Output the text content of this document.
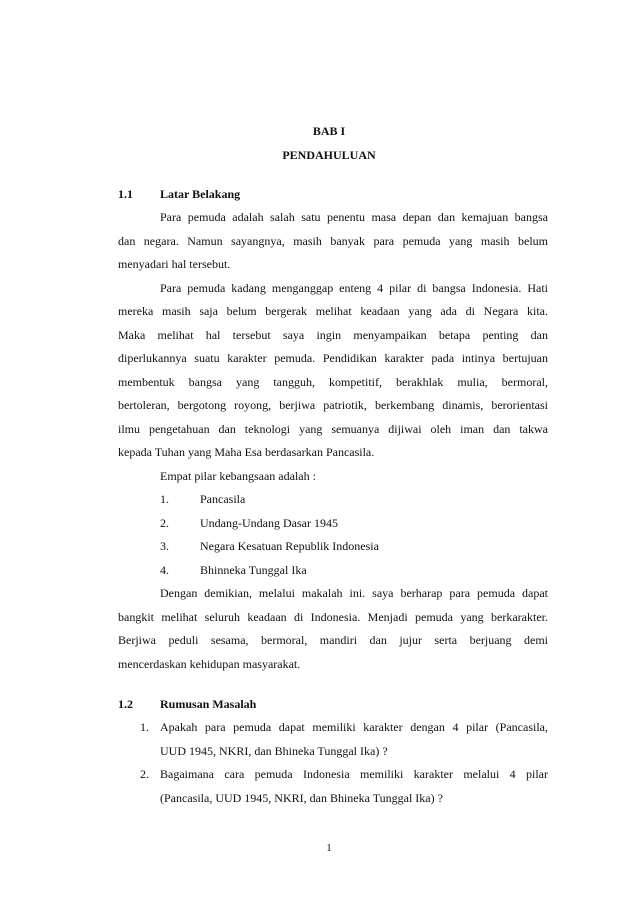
BAB I
PENDAHULUAN
1.1	Latar Belakang

Para pemuda adalah salah satu penentu masa depan dan kemajuan bangsa

dan negara. Namun sayangnya, masih banyak para pemuda yang masih belum

menyadari hal tersebut.

Para pemuda kadang menganggap enteng 4 pilar di bangsa Indonesia. Hati

mereka masih saja belum bergerak melihat keadaan yang ada di Negara kita.

Maka melihat hal tersebut saya ingin menyampaikan betapa penting dan

diperlukannya suatu karakter pemuda. Pendidikan karakter pada intinya bertujuan

membentuk bangsa yang tangguh, kompetitif, berakhlak mulia, bermoral,

bertoleran, bergotong royong, berjiwa patriotik, berkembang dinamis, berorientasi

ilmu pengetahuan dan teknologi yang semuanya dijiwai oleh iman dan takwa

kepada Tuhan yang Maha Esa berdasarkan Pancasila.

Empat pilar kebangsaan adalah :
1.	Pancasila
2.	Undang-Undang Dasar 1945
3.	Negara Kesatuan Republik Indonesia
4.	Bhinneka Tunggal Ika

Dengan demikian, melalui makalah ini. saya berharap para pemuda dapat

bangkit melihat seluruh keadaan di Indonesia. Menjadi pemuda yang berkarakter.

Berjiwa peduli sesama, bermoral, mandiri dan jujur serta berjuang demi

mencerdaskan kehidupan masyarakat.

1.2	Rumusan Masalah
1. Apakah para pemuda dapat memiliki karakter dengan 4 pilar (Pancasila,
UUD 1945, NKRI, dan Bhineka Tunggal Ika) ?
2. Bagaimana cara pemuda Indonesia memiliki karakter melalui 4 pilar
(Pancasila, UUD 1945, NKRI, dan Bhineka Tunggal Ika) ?
1
